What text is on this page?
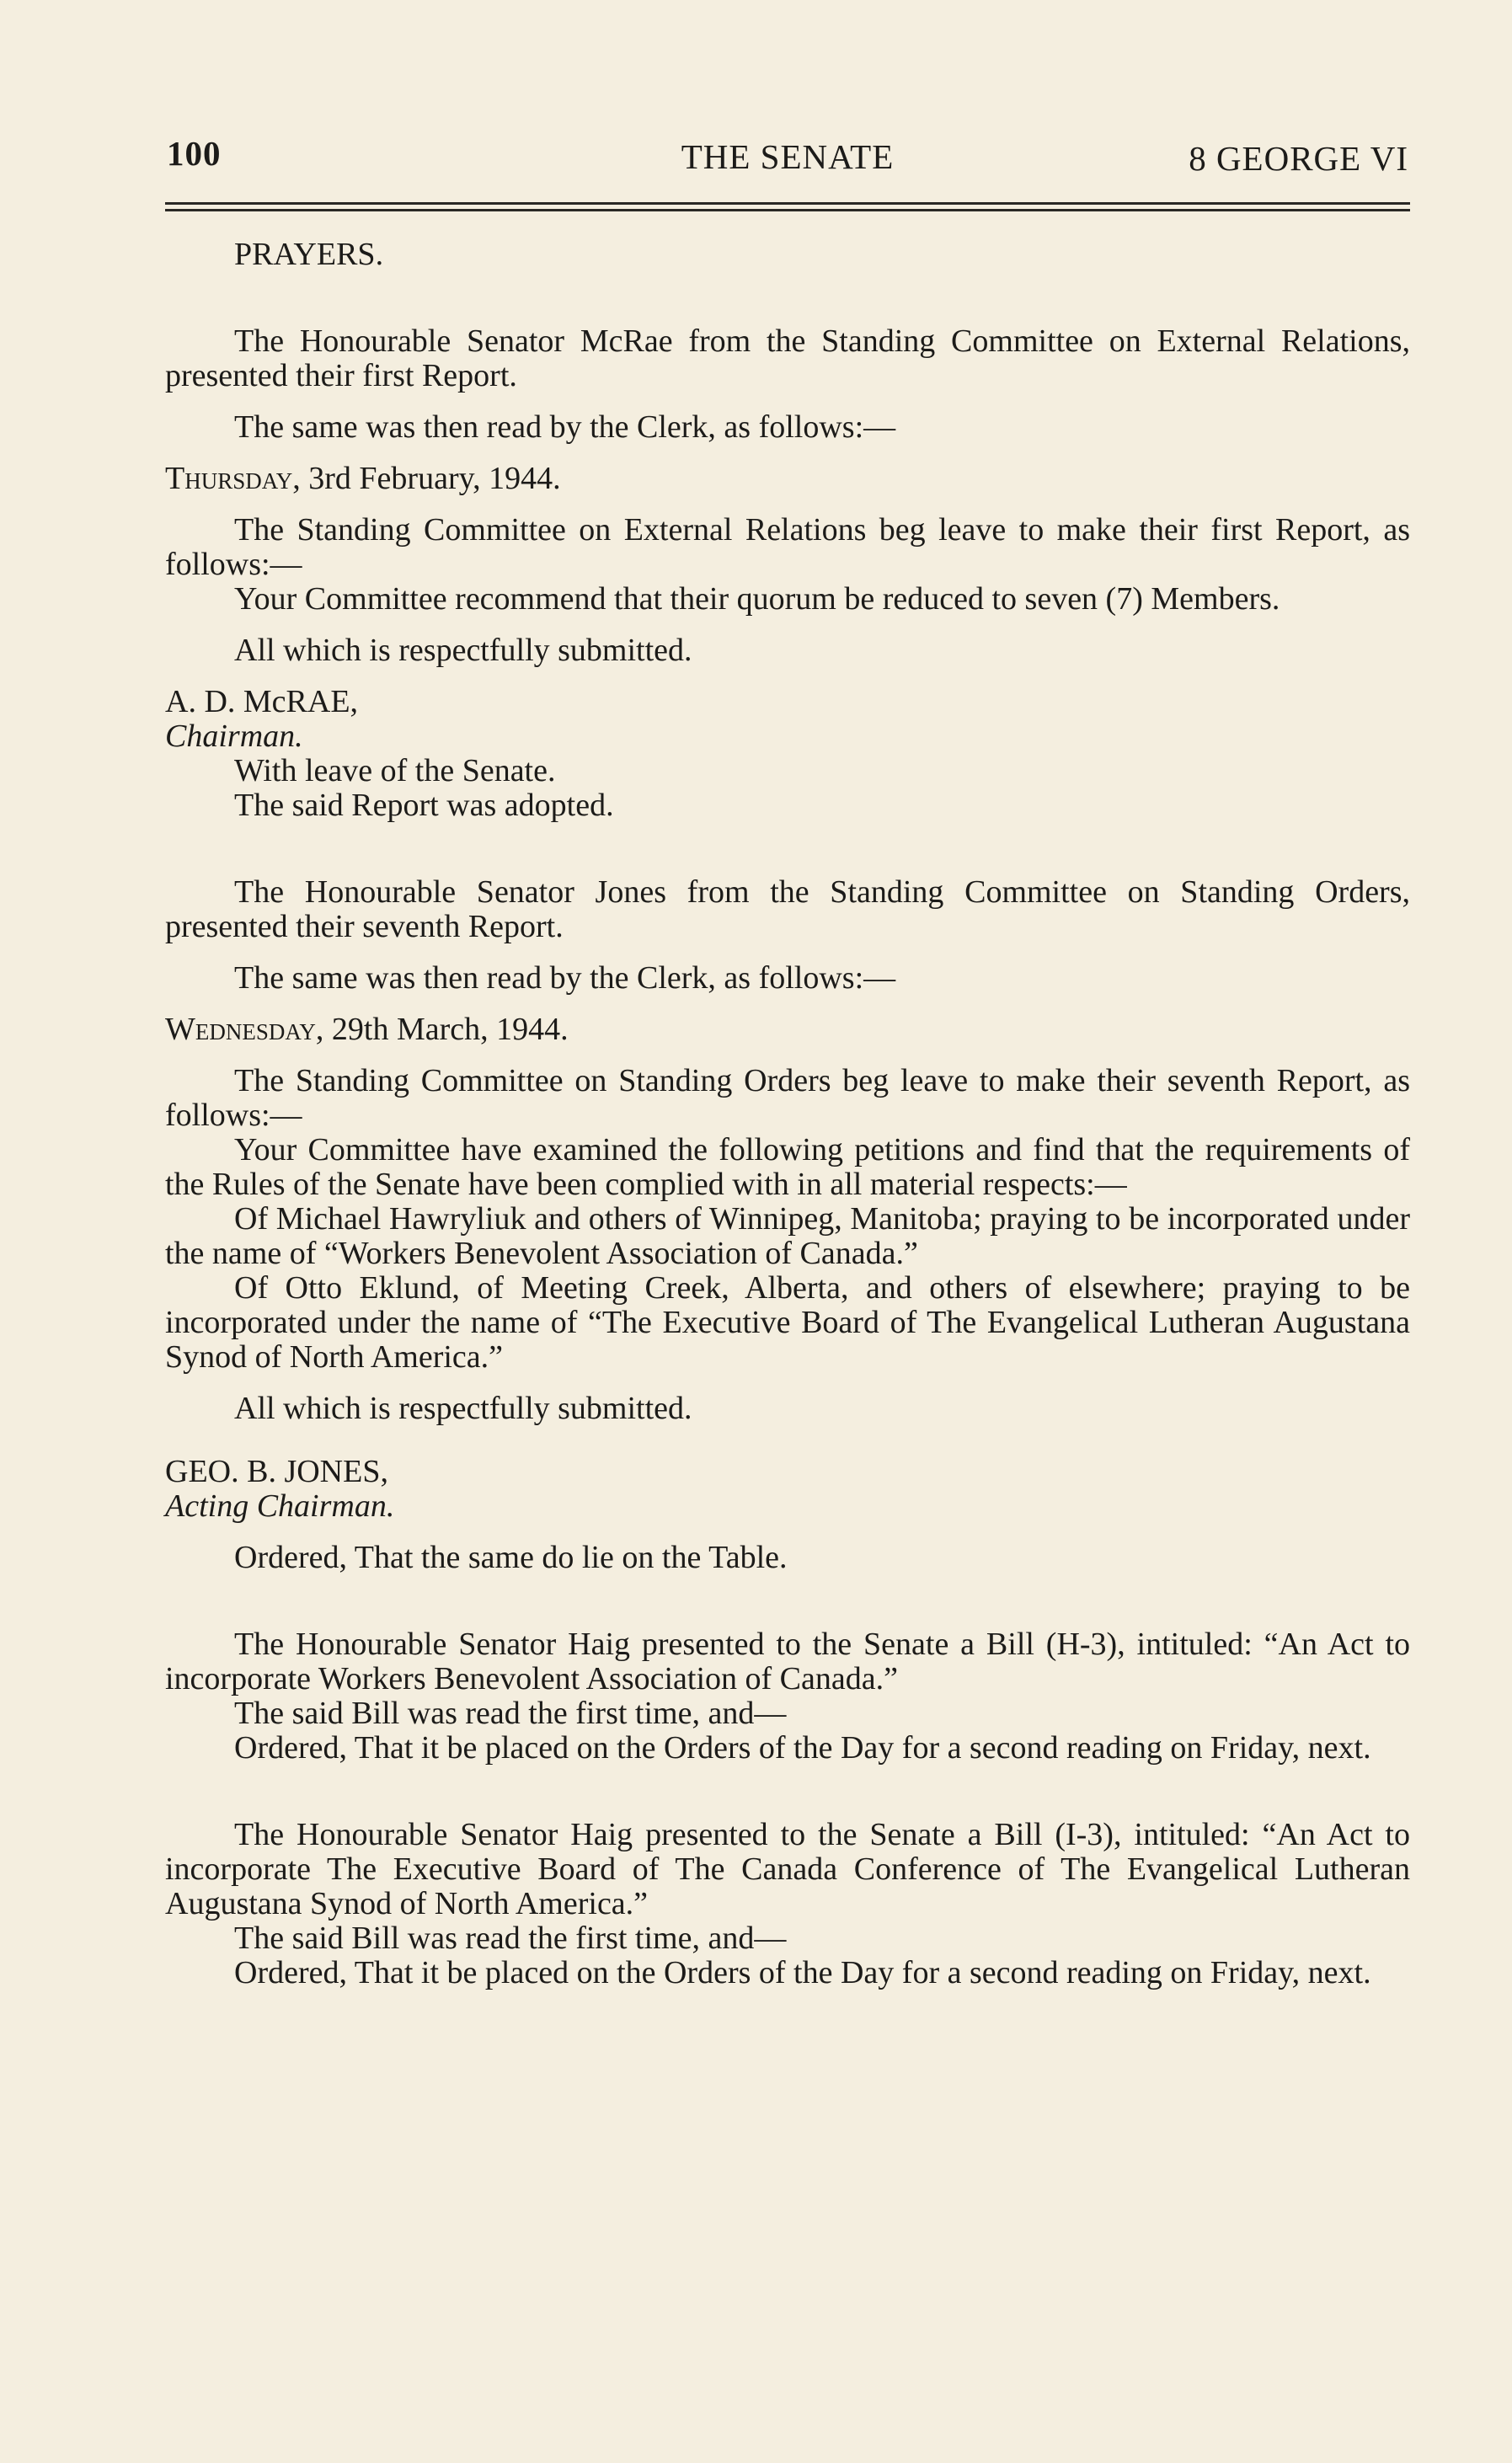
100	THE SENATE	8 GEORGE VI

PRAYERS.

The Honourable Senator McRae from the Standing Committee on External Relations, presented their first Report.

The same was then read by the Clerk, as follows:—

Thursday, 3rd February, 1944.

The Standing Committee on External Relations beg leave to make their first Report, as follows:—

Your Committee recommend that their quorum be reduced to seven (7) Members.

All which is respectfully submitted.

A. D. McRAE,

Chairman.

With leave of the Senate.

The said Report was adopted.

The Honourable Senator Jones from the Standing Committee on Standing Orders, presented their seventh Report.

The same was then read by the Clerk, as follows:—

Wednesday, 29th March, 1944.

The Standing Committee on Standing Orders beg leave to make their seventh Report, as follows:—

Your Committee have examined the following petitions and find that the requirements of the Rules of the Senate have been complied with in all material respects:—

Of Michael Hawryliuk and others of Winnipeg, Manitoba; praying to be incorporated under the name of “Workers Benevolent Association of Canada.”

Of Otto Eklund, of Meeting Creek, Alberta, and others of elsewhere; praying to be incorporated under the name of “The Executive Board of The Evangelical Lutheran Augustana Synod of North America.”

All which is respectfully submitted.

GEO. B. JONES,

Acting Chairman.

Ordered, That the same do lie on the Table.

The Honourable Senator Haig presented to the Senate a Bill (H-3), intituled: “An Act to incorporate Workers Benevolent Association of Canada.”

The said Bill was read the first time, and—

Ordered, That it be placed on the Orders of the Day for a second reading on Friday, next.

The Honourable Senator Haig presented to the Senate a Bill (I-3), intituled: “An Act to incorporate The Executive Board of The Canada Conference of The Evangelical Lutheran Augustana Synod of North America.”

The said Bill was read the first time, and—

Ordered, That it be placed on the Orders of the Day for a second reading on Friday, next.
